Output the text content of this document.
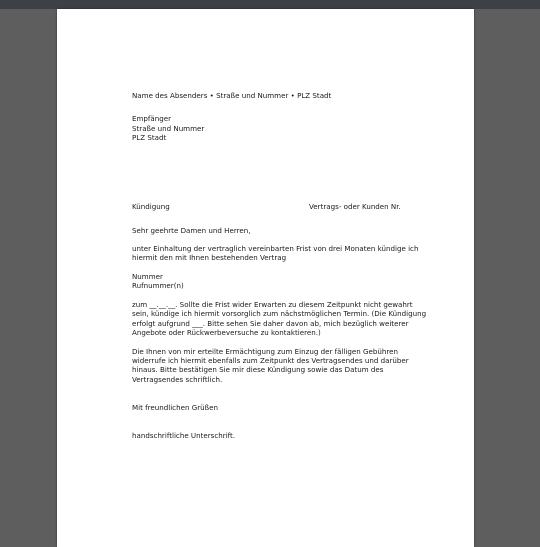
Name des Absenders • Straße und Nummer • PLZ Stadt
Empfänger
Straße und Nummer
PLZ Stadt
Kündigung	Vertrags- oder Kunden Nr.
Sehr geehrte Damen und Herren,
unter Einhaltung der vertraglich vereinbarten Frist von drei Monaten kündige ich
hiermit den mit Ihnen bestehenden Vertrag
Nummer
Rufnummer(n)
zum __.__.__. Sollte die Frist wider Erwarten zu diesem Zeitpunkt nicht gewahrt
sein, kündige ich hiermit vorsorglich zum nächstmöglichen Termin. (Die Kündigung
erfolgt aufgrund ___. Bitte sehen Sie daher davon ab, mich bezüglich weiterer
Angebote oder Rückwerbeversuche zu kontaktieren.)
Die Ihnen von mir erteilte Ermächtigung zum Einzug der fälligen Gebühren
widerrufe ich hiermit ebenfalls zum Zeitpunkt des Vertragsendes und darüber
hinaus. Bitte bestätigen Sie mir diese Kündigung sowie das Datum des
Vertragsendes schriftlich.
Mit freundlichen Grüßen
handschriftliche Unterschrift.
